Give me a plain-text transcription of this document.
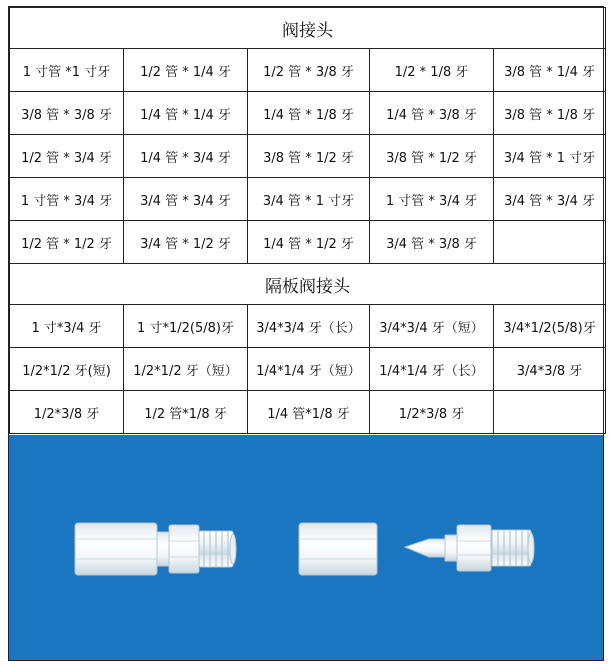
阀接头				
1 寸管 *1 寸牙	1/2 管 * 1/4 牙	1/2 管 * 3/8 牙	1/2 * 1/8 牙	3/8 管 * 1/4 牙
3/8 管 * 3/8 牙	1/4 管 * 1/4 牙	1/4 管 * 1/8 牙	1/4 管 * 3/8 牙	3/8 管 * 1/8 牙
1/2 管 * 3/4 牙	1/4 管 * 3/4 牙	3/8 管 * 1/2 牙	3/8 管 * 1/2 牙	3/4 管 * 1 寸牙
1 寸管 * 3/4 牙	3/4 管 * 3/4 牙	3/4 管 * 1 寸牙	1 寸管 * 3/4 牙	3/4 管 * 3/4 牙
1/2 管 * 1/2 牙	3/4 管 * 1/2 牙	1/4 管 * 1/2 牙	3/4 管 * 3/8 牙	
隔板阀接头				
1 寸*3/4 牙	1 寸*1/2(5/8)牙	3/4*3/4 牙（长）	3/4*3/4 牙（短）	3/4*1/2(5/8)牙
1/2*1/2 牙(短)	1/2*1/2 牙（短）	1/4*1/4 牙（短）	1/4*1/4 牙（长）	3/4*3/8 牙
1/2*3/8 牙	1/2 管*1/8 牙	1/4 管*1/8 牙	1/2*3/8 牙	
